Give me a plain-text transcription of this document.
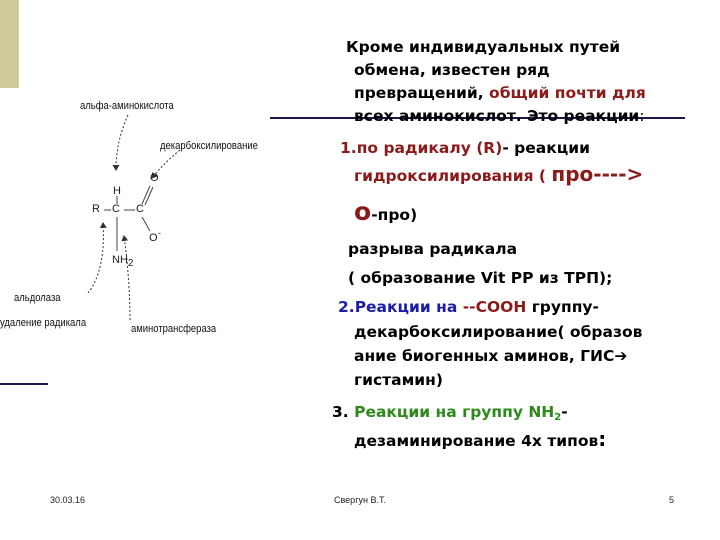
альфа-аминокислота
декарбоксилирование
альдолаза
удаление радикала	аминотрансфераза
R C C
H
O
O -
$NH_2$
Кроме индивидуальных путей
обмена, известен ряд
превращений, общий почти для
всех аминокислот. Это реакции:
1.по радикалу (R)- реакции
гидроксилирования ( про---->
о-про)
разрыва радикала
( образование Vit PP из ТРП);
2.Реакции на --СООН группу-
декарбоксилирование( образов
ание биогенных аминов, ГИС➔
гистамин)
3. Реакции на группу $NH_2-$
дезаминирование 4х типов:
30.03.16	Свергун В.Т.	5
